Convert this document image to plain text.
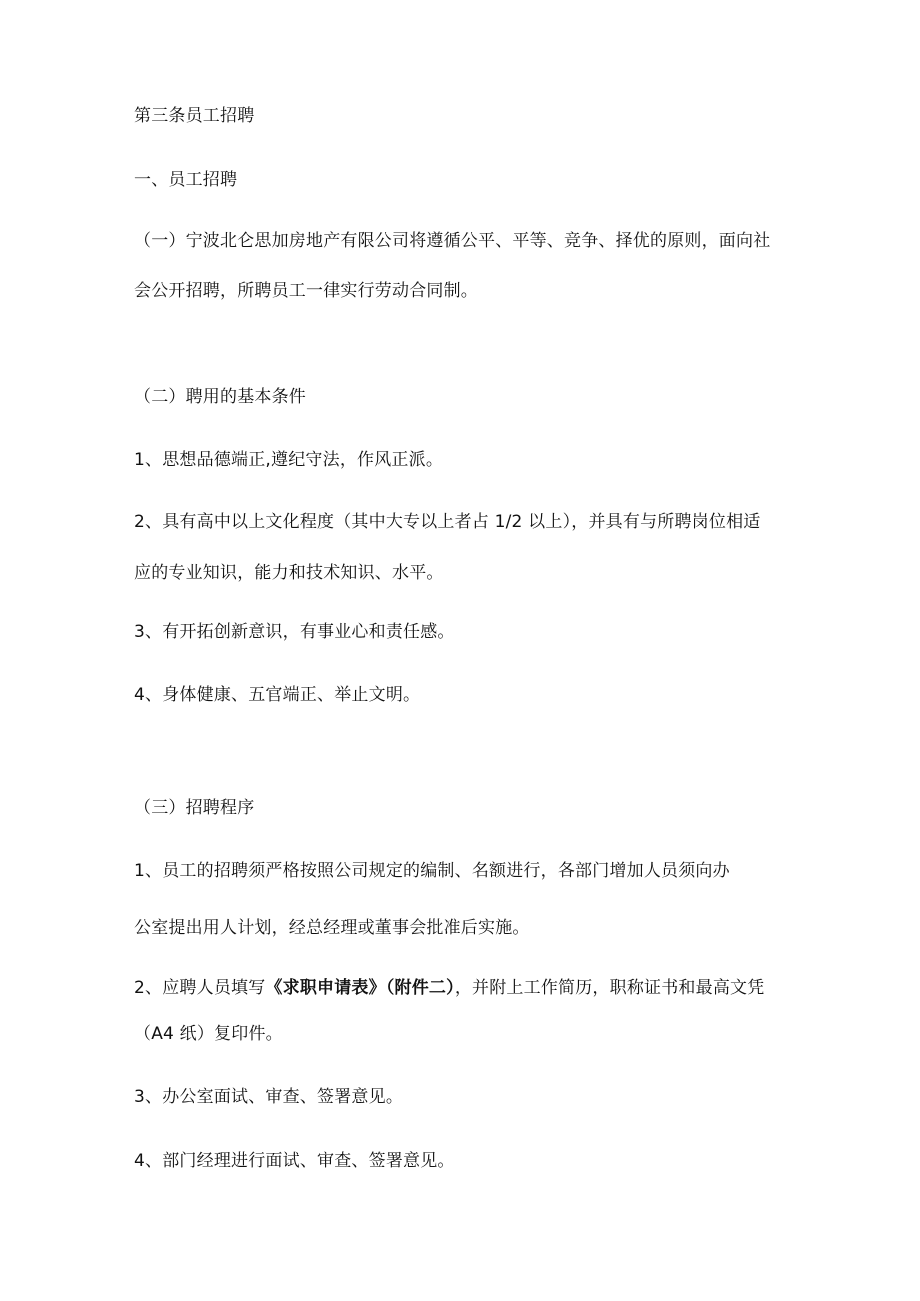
第三条员工招聘
一、员工招聘
（一）宁波北仑思加房地产有限公司将遵循公平、平等、竞争、择优的原则，面向社
会公开招聘，所聘员工一律实行劳动合同制。
（二）聘用的基本条件
1、思想品德端正,遵纪守法，作风正派。
2、具有高中以上文化程度（其中大专以上者占 1/2 以上），并具有与所聘岗位相适
应的专业知识，能力和技术知识、水平。
3、有开拓创新意识，有事业心和责任感。
4、身体健康、五官端正、举止文明。
（三）招聘程序
1、员工的招聘须严格按照公司规定的编制、名额进行，各部门增加人员须向办
公室提出用人计划，经总经理或董事会批准后实施。
2、应聘人员填写《求职申请表》（附件二），并附上工作简历，职称证书和最高文凭
（A4 纸）复印件。
3、办公室面试、审查、签署意见。
4、部门经理进行面试、审查、签署意见。
